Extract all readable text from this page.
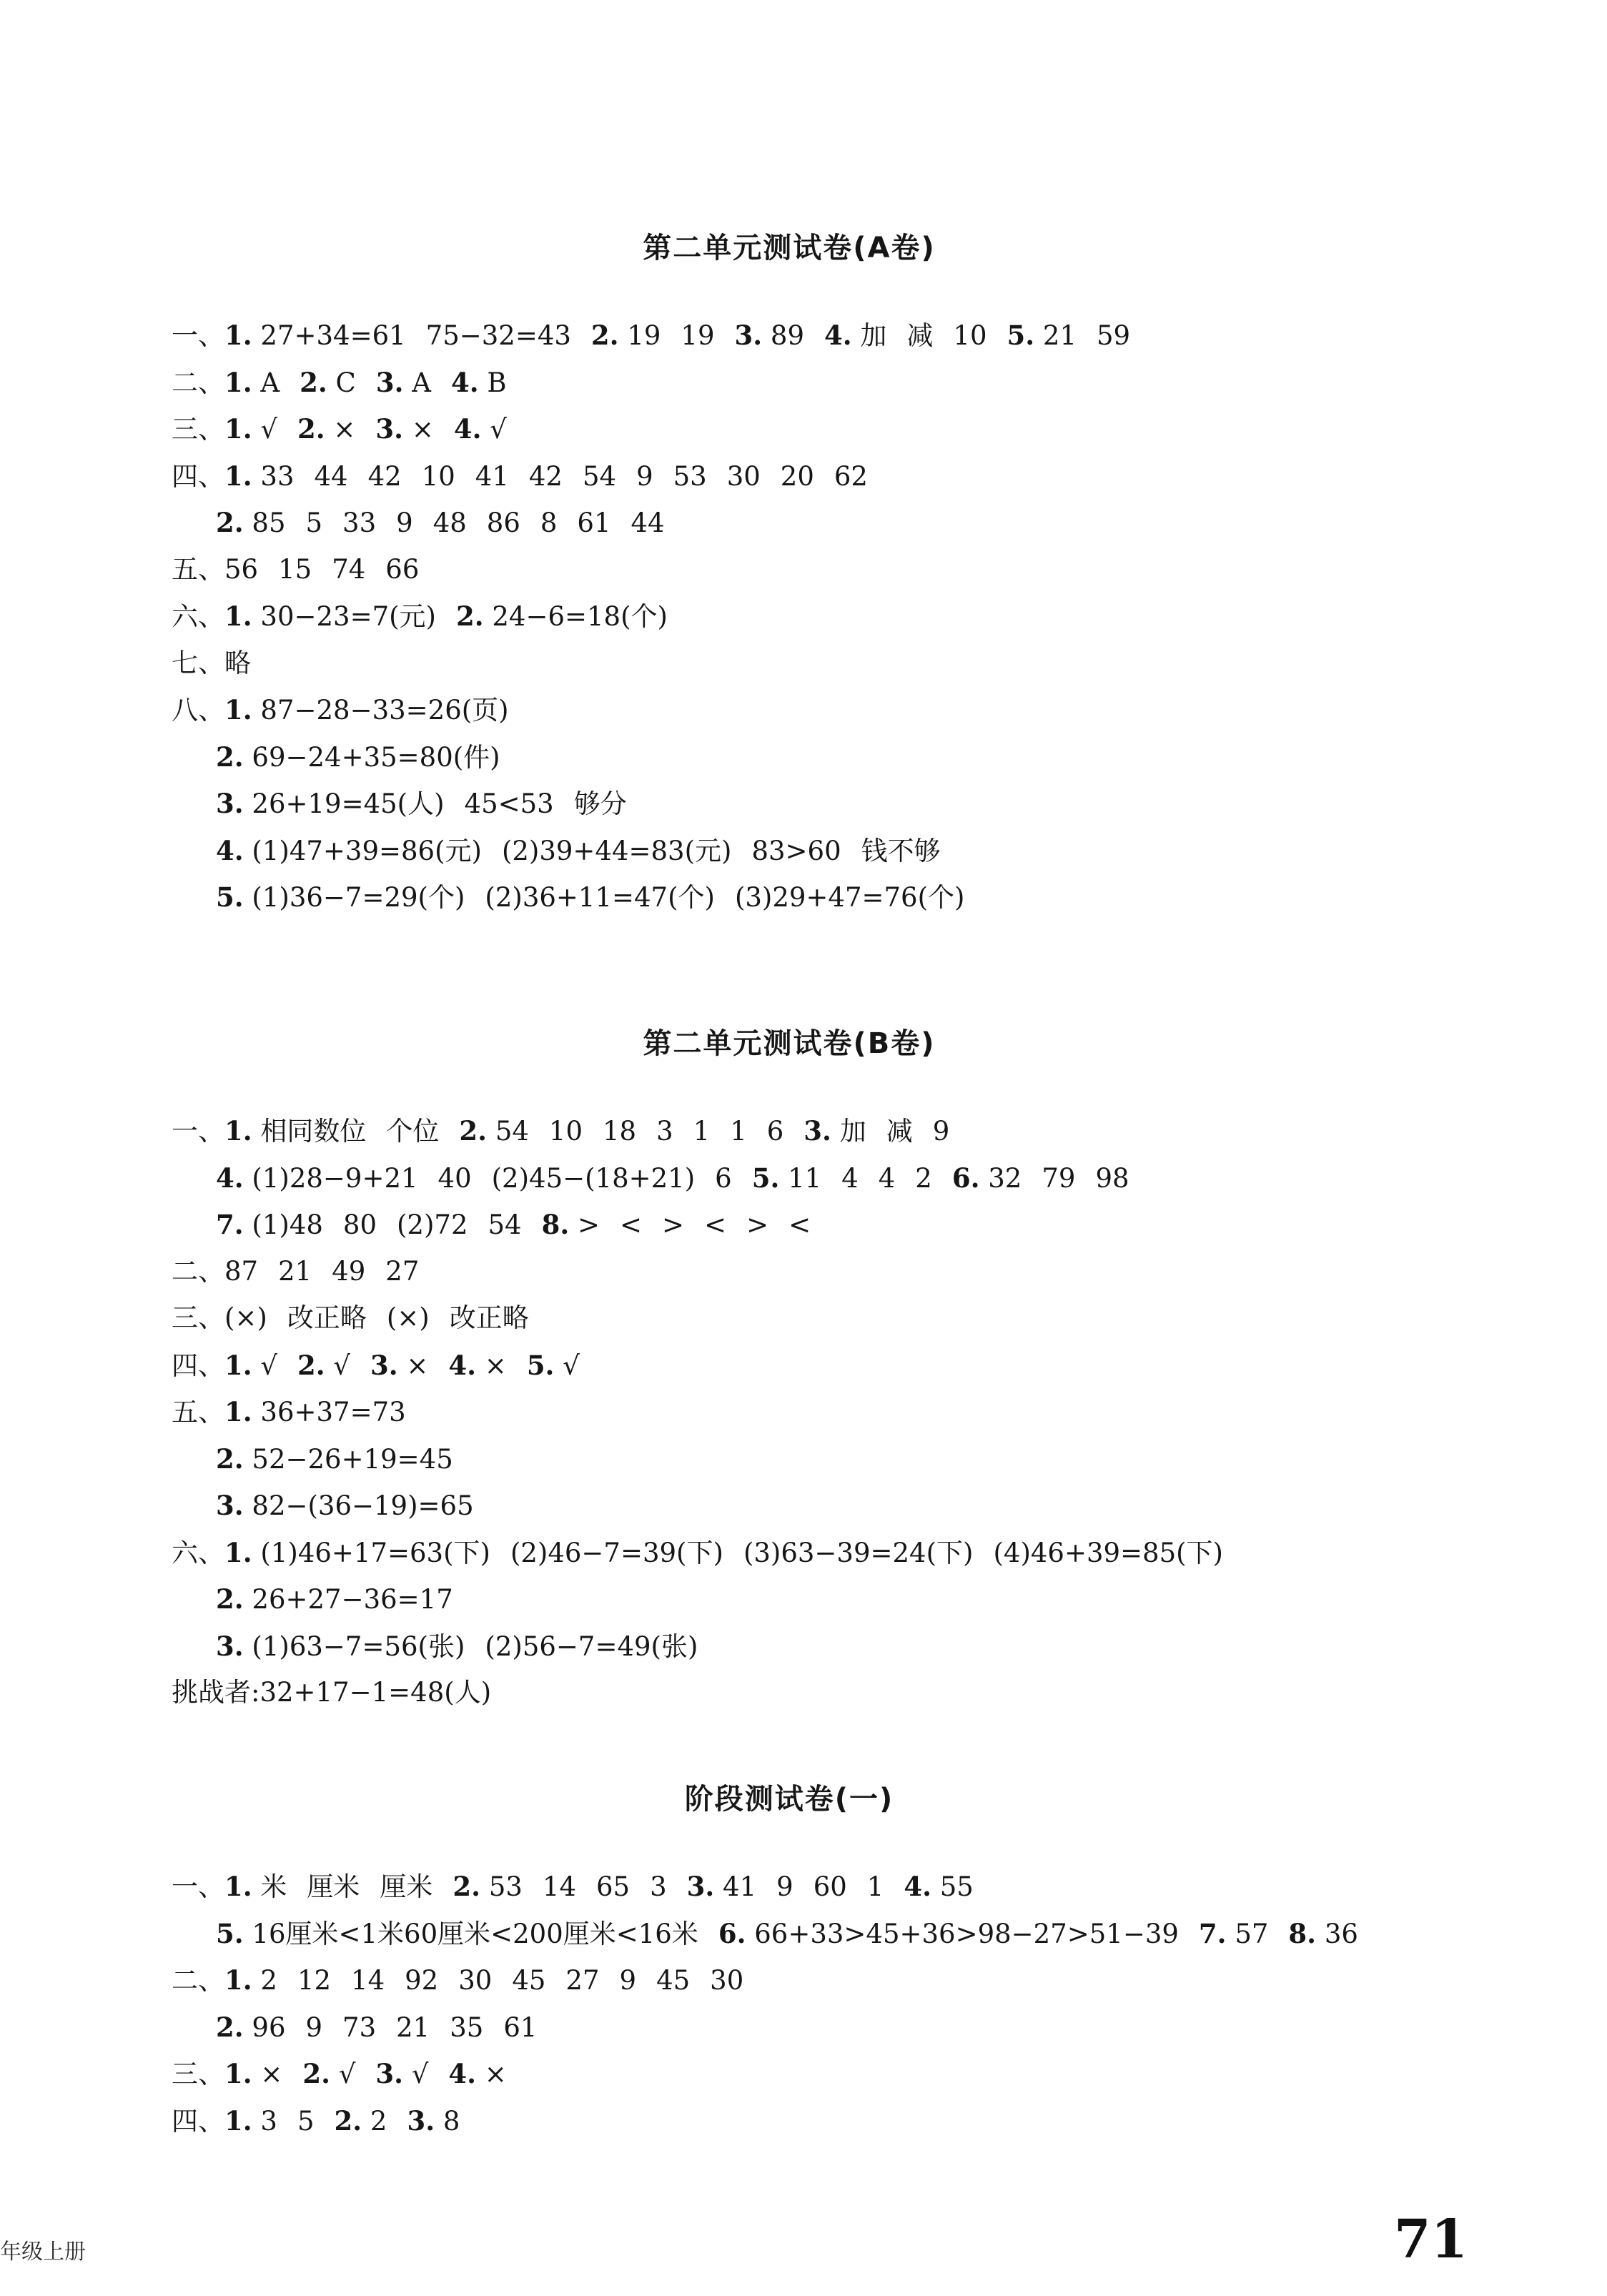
第二单元测试卷(A卷)
一、1. 27+34=61 75−32=43 2. 19 19 3. 89 4. 加 减 10 5. 21 59
二、1. A 2. C 3. A 4. B
三、1. √ 2. × 3. × 4. √
四、1. 33 44 42 10 41 42 54 9 53 30 20 62
2. 85 5 33 9 48 86 8 61 44
五、56 15 74 66
六、1. 30−23=7(元) 2. 24−6=18(个)
七、略
八、1. 87−28−33=26(页)
2. 69−24+35=80(件)
3. 26+19=45(人) 45<53 够分
4. (1)47+39=86(元) (2)39+44=83(元) 83>60 钱不够
5. (1)36−7=29(个) (2)36+11=47(个) (3)29+47=76(个)
第二单元测试卷(B卷)
一、1. 相同数位 个位 2. 54 10 18 3 1 1 6 3. 加 减 9
4. (1)28−9+21 40 (2)45−(18+21) 6 5. 11 4 4 2 6. 32 79 98
7. (1)48 80 (2)72 54 8. > < > < > <
二、87 21 49 27
三、(×) 改正略 (×) 改正略
四、1. √ 2. √ 3. × 4. × 5. √
五、1. 36+37=73
2. 52−26+19=45
3. 82−(36−19)=65
六、1. (1)46+17=63(下) (2)46−7=39(下) (3)63−39=24(下) (4)46+39=85(下)
2. 26+27−36=17
3. (1)63−7=56(张) (2)56−7=49(张)
挑战者:32+17−1=48(人)
阶段测试卷(一)
一、1. 米 厘米 厘米 2. 53 14 65 3 3. 41 9 60 1 4. 55
5. 16厘米<1米60厘米<200厘米<16米 6. 66+33>45+36>98−27>51−39 7. 57 8. 36
二、1. 2 12 14 92 30 45 27 9 45 30
2. 96 9 73 21 35 61
三、1. × 2. √ 3. √ 4. ×
四、1. 3 5 2. 2 3. 8
年级上册	71
